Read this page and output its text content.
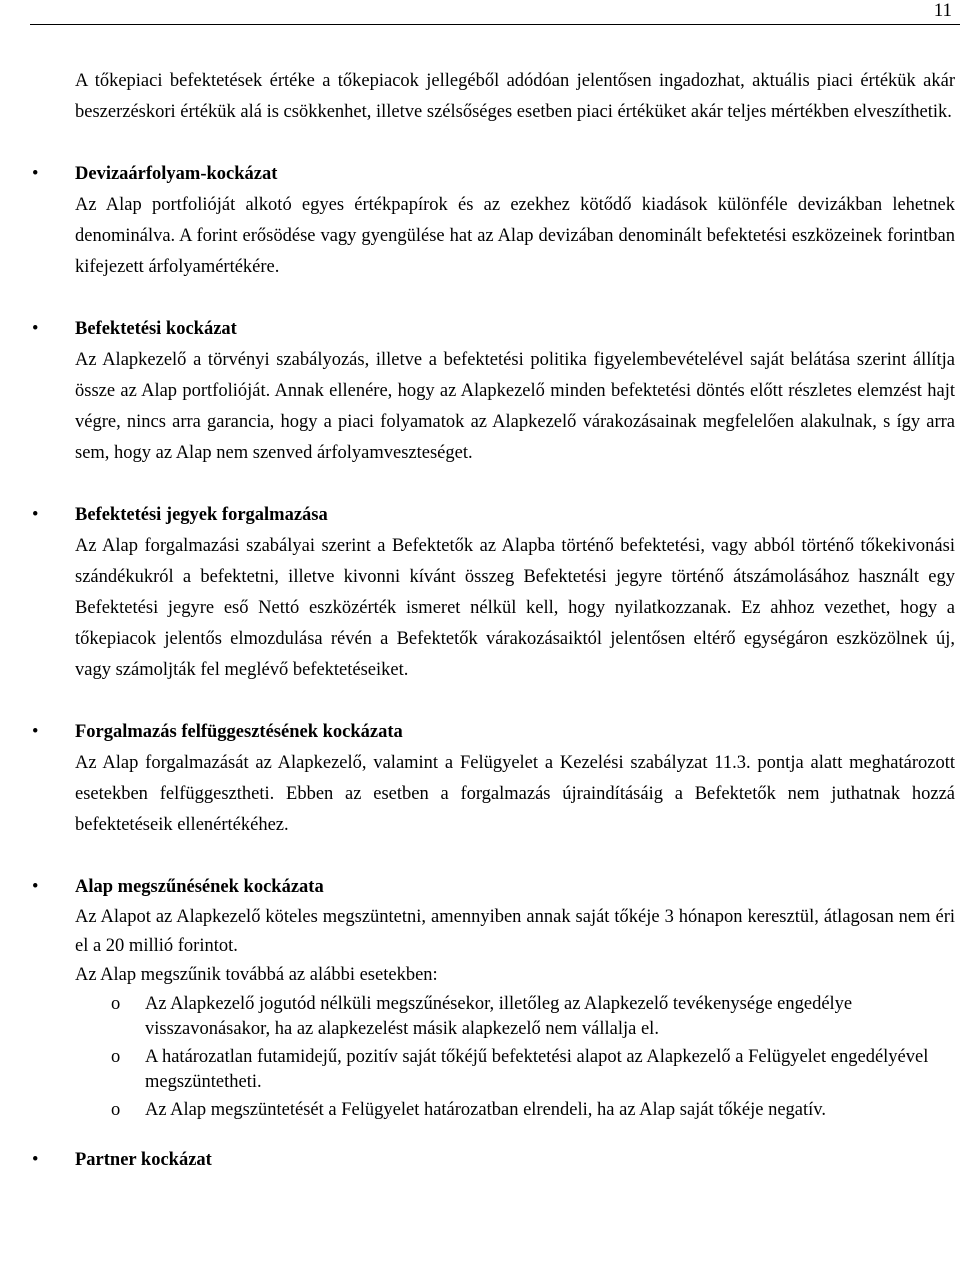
11

A tőkepiaci befektetések értéke a tőkepiacok jellegéből adódóan jelentősen ingadozhat, aktuális piaci értékük akár beszerzéskori értékük alá is csökkenhet, illetve szélsőséges esetben piaci értéküket akár teljes mértékben elveszíthetik.

• Devizaárfolyam-kockázat

Az Alap portfolióját alkotó egyes értékpapírok és az ezekhez kötődő kiadások különféle devizákban lehetnek denominálva. A forint erősödése vagy gyengülése hat az Alap devizában denominált befektetési eszközeinek forintban kifejezett árfolyamértékére.

• Befektetési kockázat

Az Alapkezelő a törvényi szabályozás, illetve a befektetési politika figyelembevételével saját belátása szerint állítja össze az Alap portfolióját. Annak ellenére, hogy az Alapkezelő minden befektetési döntés előtt részletes elemzést hajt végre, nincs arra garancia, hogy a piaci folyamatok az Alapkezelő várakozásainak megfelelően alakulnak, s így arra sem, hogy az Alap nem szenved árfolyamveszteséget.

• Befektetési jegyek forgalmazása

Az Alap forgalmazási szabályai szerint a Befektetők az Alapba történő befektetési, vagy abból történő tőkekivonási szándékukról a befektetni, illetve kivonni kívánt összeg Befektetési jegyre történő átszámolásához használt egy Befektetési jegyre eső Nettó eszközérték ismeret nélkül kell, hogy nyilatkozzanak. Ez ahhoz vezethet, hogy a tőkepiacok jelentős elmozdulása révén a Befektetők várakozásaiktól jelentősen eltérő egységáron eszközölnek új, vagy számoljták fel meglévő befektetéseiket.

• Forgalmazás felfüggesztésének kockázata

Az Alap forgalmazását az Alapkezelő, valamint a Felügyelet a Kezelési szabályzat 11.3. pontja alatt meghatározott esetekben felfüggesztheti. Ebben az esetben a forgalmazás újraindításáig a Befektetők nem juthatnak hozzá befektetéseik ellenértékéhez.

• Alap megszűnésének kockázata

Az Alapot az Alapkezelő köteles megszüntetni, amennyiben annak saját tőkéje 3 hónapon keresztül, átlagosan nem éri el a 20 millió forintot.

Az Alap megszűnik továbbá az alábbi esetekben:

o Az Alapkezelő jogutód nélküli megszűnésekor, illetőleg az Alapkezelő tevékenysége engedélye visszavonásakor, ha az alapkezelést másik alapkezelő nem vállalja el.
o A határozatlan futamidejű, pozitív saját tőkéjű befektetési alapot az Alapkezelő a Felügyelet engedélyével megszüntetheti.
o Az Alap megszüntetését a Felügyelet határozatban elrendeli, ha az Alap saját tőkéje negatív.
• Partner kockázat
